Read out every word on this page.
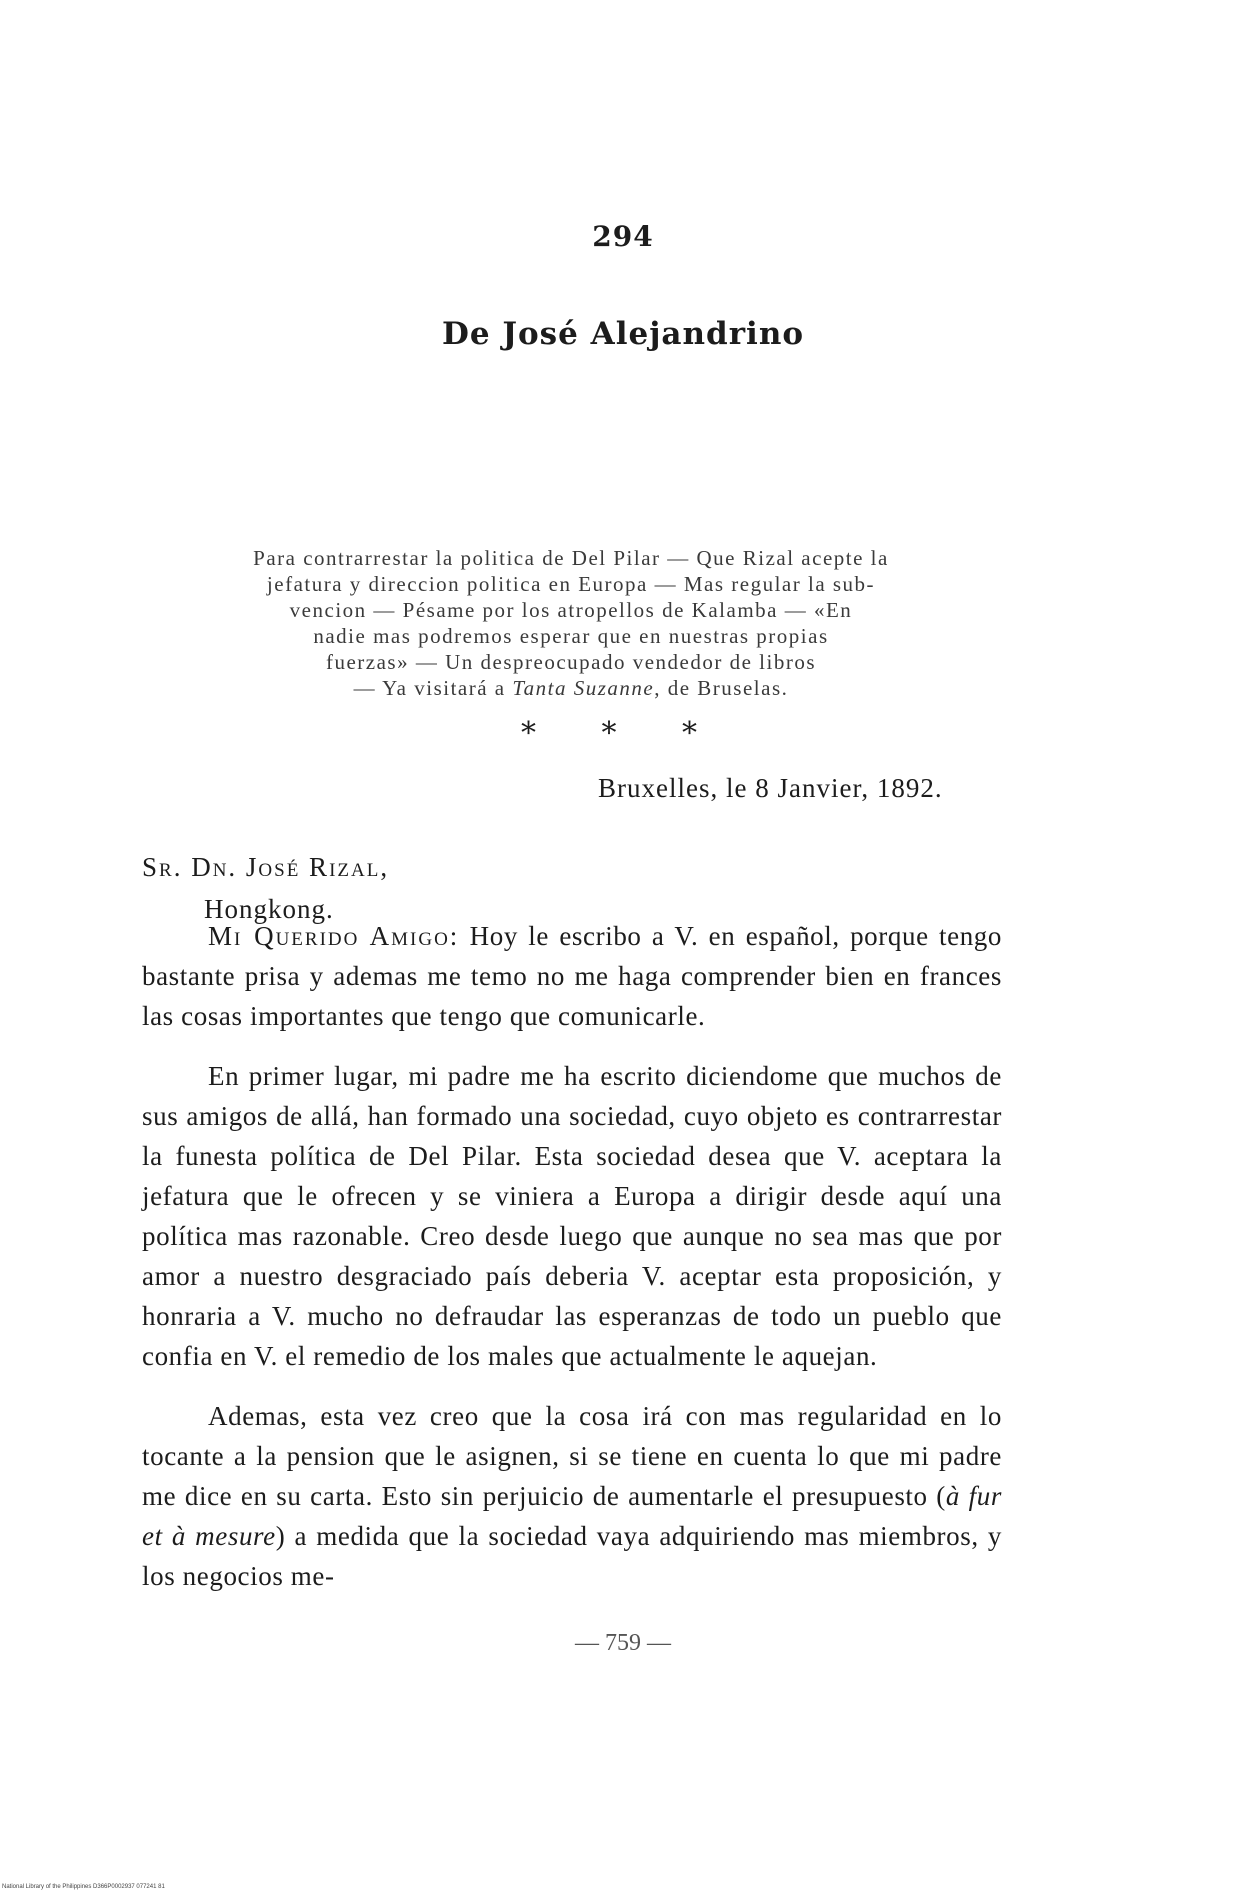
294
De José Alejandrino
Para contrarrestar la politica de Del Pilar — Que Rizal acepte la
jefatura y direccion politica en Europa — Mas regular la sub-
vencion — Pésame por los atropellos de Kalamba — «En
nadie mas podremos esperar que en nuestras propias
fuerzas» — Un despreocupado vendedor de libros
— Ya visitará a Tanta Suzanne, de Bruselas.
* * *
Bruxelles, le 8 Janvier, 1892.
Sr. Dn. José Rizal,
Hongkong.

Mi Querido Amigo: Hoy le escribo a V. en español, porque tengo bastante prisa y ademas me temo no me haga comprender bien en frances las cosas importantes que tengo que comunicarle.

En primer lugar, mi padre me ha escrito diciendome que muchos de sus amigos de allá, han formado una sociedad, cuyo objeto es contrarrestar la funesta política de Del Pilar. Esta sociedad desea que V. aceptara la jefatura que le ofrecen y se viniera a Europa a dirigir desde aquí una política mas razonable. Creo desde luego que aunque no sea mas que por amor a nuestro desgraciado país deberia V. aceptar esta proposición, y honraria a V. mucho no defraudar las esperanzas de todo un pueblo que confia en V. el remedio de los males que actualmente le aquejan.

Ademas, esta vez creo que la cosa irá con mas regularidad en lo tocante a la pension que le asignen, si se tiene en cuenta lo que mi padre me dice en su carta. Esto sin perjuicio de aumentarle el presupuesto (à fur et à mesure) a medida que la sociedad vaya adquiriendo mas miembros, y los negocios me-

— 759 —
National Library of the Philippines D366P0002937 077241 81
